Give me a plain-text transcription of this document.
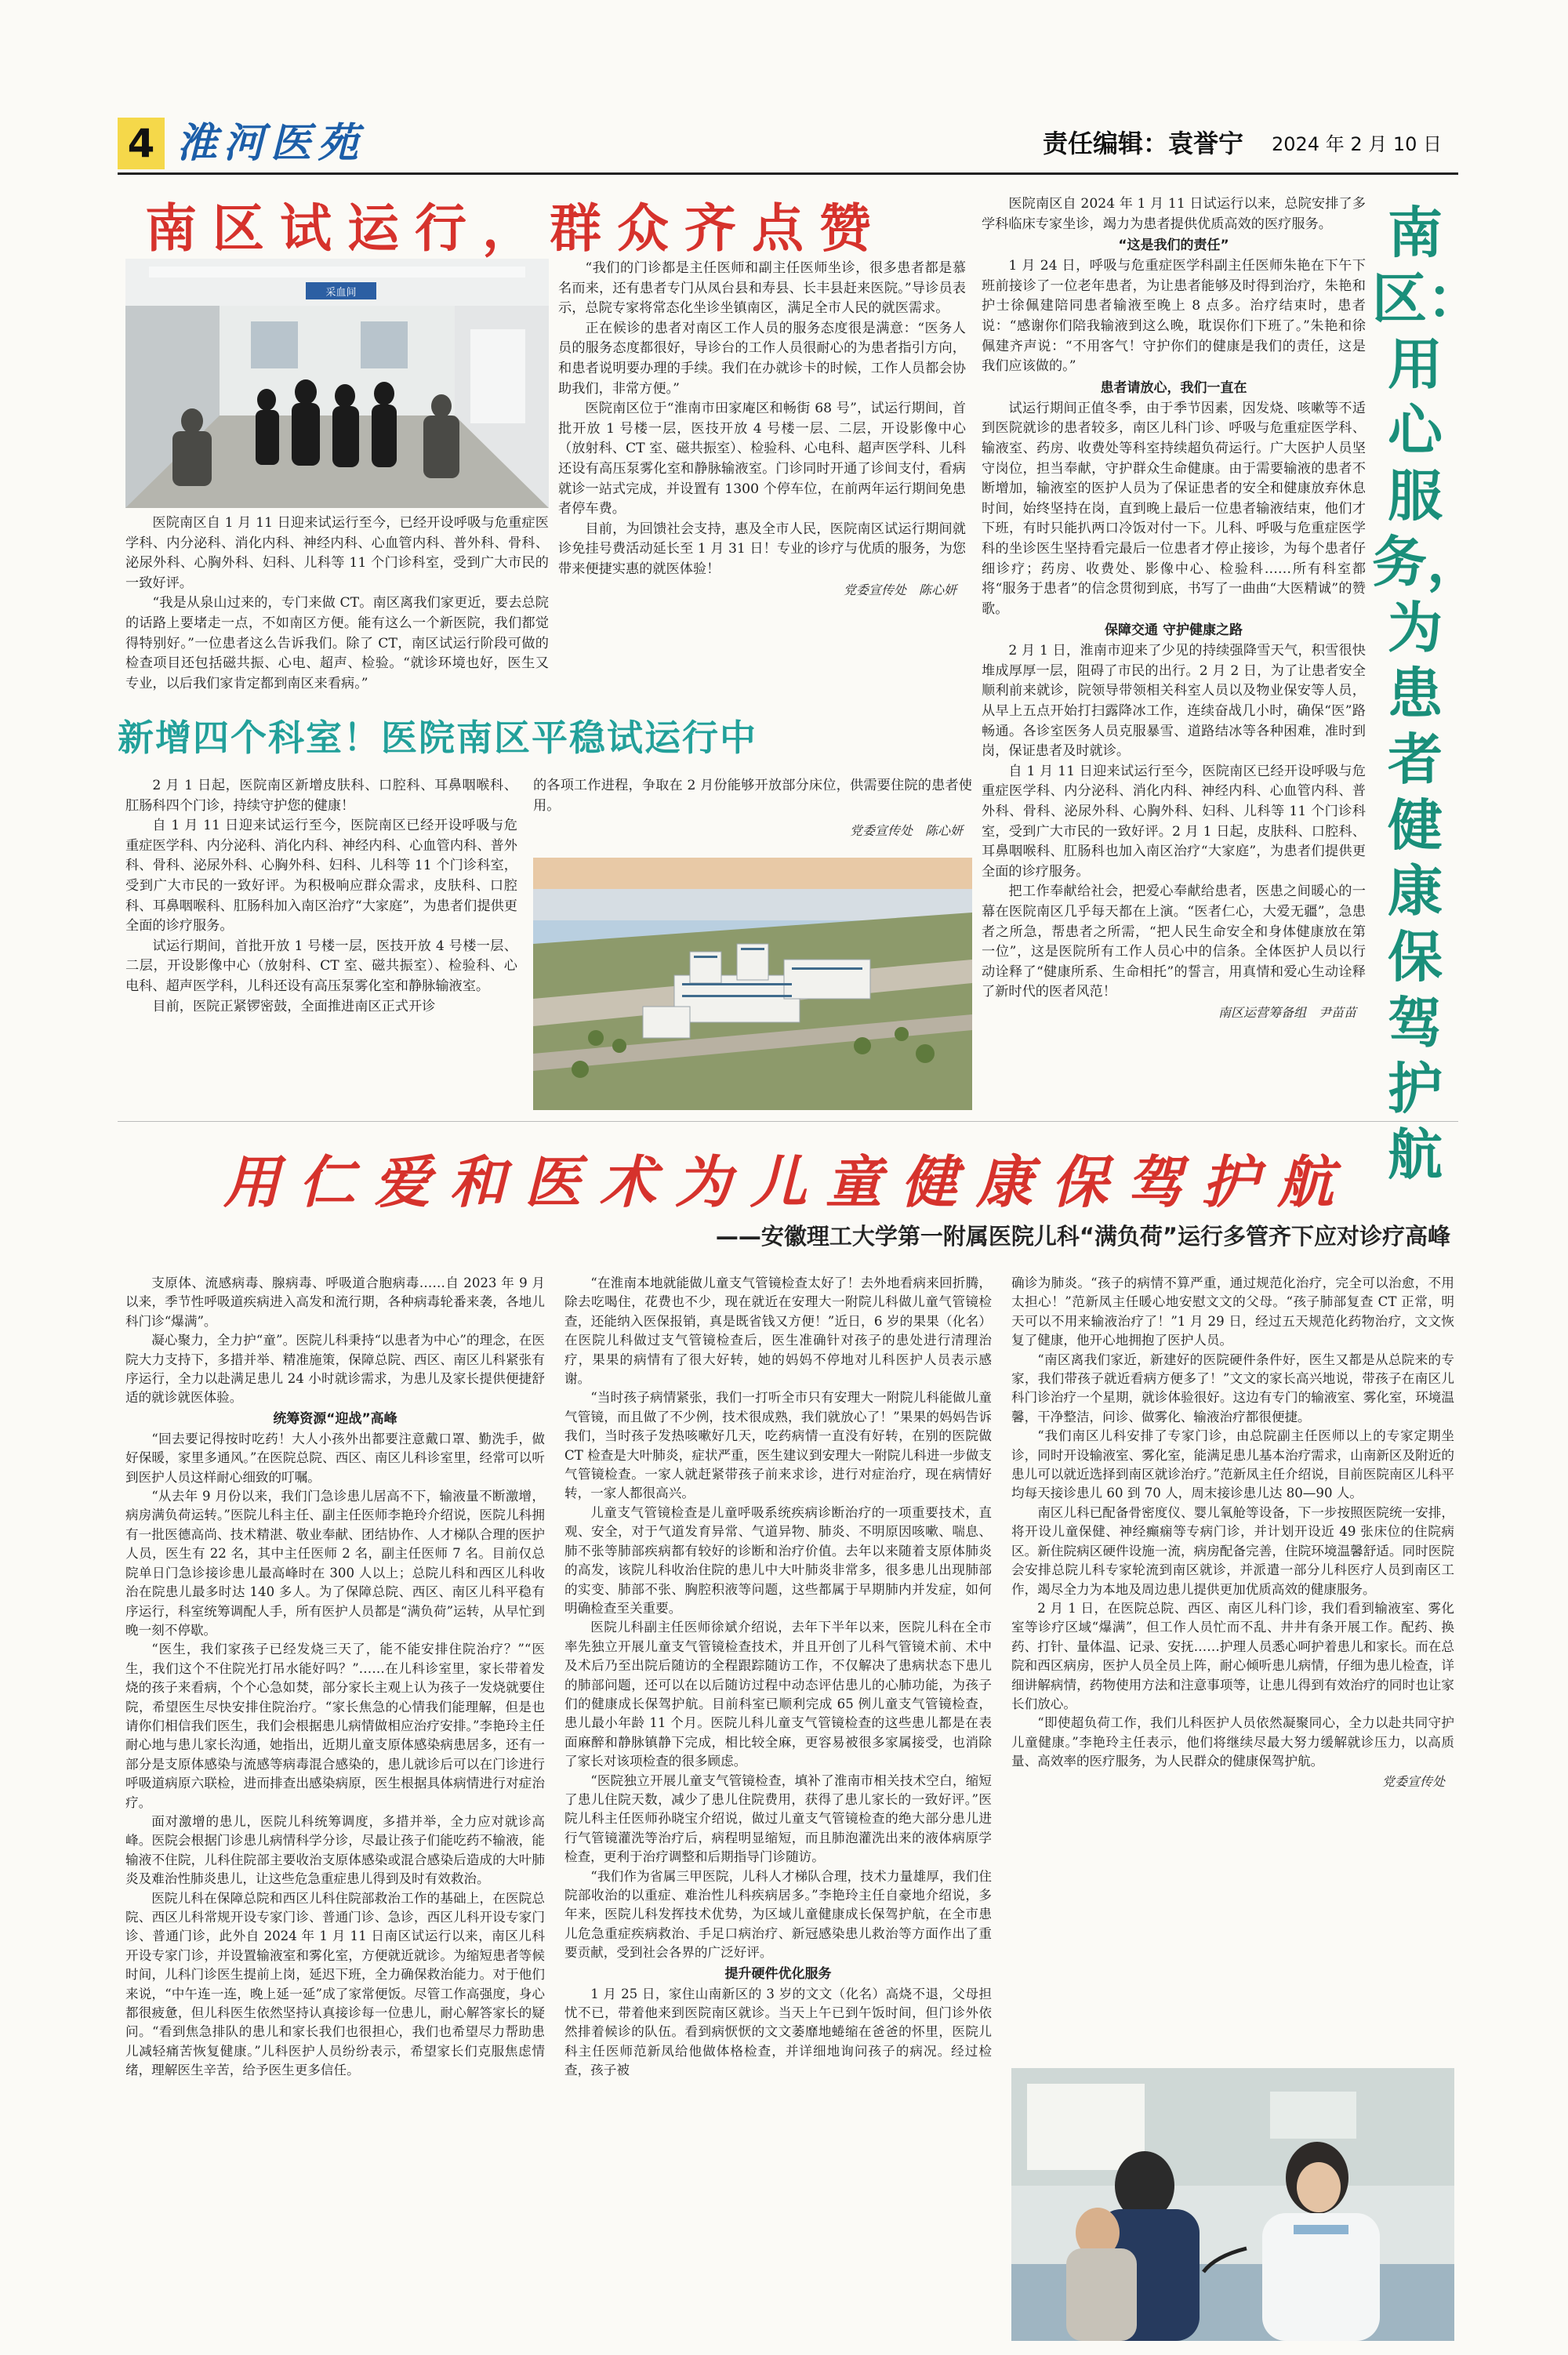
4 淮河医苑	责任编辑：袁誉宁 2024 年 2 月 10 日
南区试运行，群众齐点赞
采血间

医院南区自 1 月 11 日迎来试运行至今，已经开设呼吸与危重症医学科、内分泌科、消化内科、神经内科、心血管内科、普外科、骨科、泌尿外科、心胸外科、妇科、儿科等 11 个门诊科室，受到广大市民的一致好评。

“我是从泉山过来的，专门来做 CT。南区离我们家更近，要去总院的话路上要堵走一点，不如南区方便。能有这么一个新医院，我们都觉得特别好。”一位患者这么告诉我们。除了 CT，南区试运行阶段可做的检查项目还包括磁共振、心电、超声、检验。“就诊环境也好，医生又专业，以后我们家肯定都到南区来看病。”

“我们的门诊都是主任医师和副主任医师坐诊，很多患者都是慕名而来，还有患者专门从凤台县和寿县、长丰县赶来医院。”导诊员表示，总院专家将常态化坐诊坐镇南区，满足全市人民的就医需求。

正在候诊的患者对南区工作人员的服务态度很是满意：“医务人员的服务态度都很好，导诊台的工作人员很耐心的为患者指引方向，和患者说明要办理的手续。我们在办就诊卡的时候，工作人员都会协助我们，非常方便。”

医院南区位于“淮南市田家庵区和畅街 68 号”，试运行期间，首批开放 1 号楼一层，医技开放 4 号楼一层、二层，开设影像中心（放射科、CT 室、磁共振室）、检验科、心电科、超声医学科、儿科还设有高压泵雾化室和静脉输液室。门诊同时开通了诊间支付，看病就诊一站式完成，并设置有 1300 个停车位，在前两年运行期间免患者停车费。

目前，为回馈社会支持，惠及全市人民，医院南区试运行期间就诊免挂号费活动延长至 1 月 31 日！专业的诊疗与优质的服务，为您带来便捷实惠的就医体验！

党委宣传处　陈心妍
新增四个科室！医院南区平稳试运行中

2 月 1 日起，医院南区新增皮肤科、口腔科、耳鼻咽喉科、肛肠科四个门诊，持续守护您的健康！

自 1 月 11 日迎来试运行至今，医院南区已经开设呼吸与危重症医学科、内分泌科、消化内科、神经内科、心血管内科、普外科、骨科、泌尿外科、心胸外科、妇科、儿科等 11 个门诊科室，受到广大市民的一致好评。为积极响应群众需求，皮肤科、口腔科、耳鼻咽喉科、肛肠科加入南区治疗“大家庭”，为患者们提供更全面的诊疗服务。

试运行期间，首批开放 1 号楼一层，医技开放 4 号楼一层、二层，开设影像中心（放射科、CT 室、磁共振室）、检验科、心电科、超声医学科，儿科还设有高压泵雾化室和静脉输液室。

目前，医院正紧锣密鼓，全面推进南区正式开诊

的各项工作进程，争取在 2 月份能够开放部分床位，供需要住院的患者使用。

党委宣传处　陈心妍

医院南区自 2024 年 1 月 11 日试运行以来，总院安排了多学科临床专家坐诊，竭力为患者提供优质高效的医疗服务。

“这是我们的责任”

1 月 24 日，呼吸与危重症医学科副主任医师朱艳在下午下班前接诊了一位老年患者，为让患者能够及时得到治疗，朱艳和护士徐佩建陪同患者输液至晚上 8 点多。治疗结束时，患者说：“感谢你们陪我输液到这么晚，耽误你们下班了。”朱艳和徐佩建齐声说：“不用客气！守护你们的健康是我们的责任，这是我们应该做的。”

患者请放心，我们一直在

试运行期间正值冬季，由于季节因素，因发烧、咳嗽等不适到医院就诊的患者较多，南区儿科门诊、呼吸与危重症医学科、输液室、药房、收费处等科室持续超负荷运行。广大医护人员坚守岗位，担当奉献，守护群众生命健康。由于需要输液的患者不断增加，输液室的医护人员为了保证患者的安全和健康放弃休息时间，始终坚持在岗，直到晚上最后一位患者输液结束，他们才下班，有时只能扒两口冷饭对付一下。儿科、呼吸与危重症医学科的坐诊医生坚持看完最后一位患者才停止接诊，为每个患者仔细诊疗；药房、收费处、影像中心、检验科……所有科室都将“服务于患者”的信念贯彻到底，书写了一曲曲“大医精诚”的赞歌。

保障交通 守护健康之路

2 月 1 日，淮南市迎来了少见的持续强降雪天气，积雪很快堆成厚厚一层，阻碍了市民的出行。2 月 2 日，为了让患者安全顺利前来就诊，院领导带领相关科室人员以及物业保安等人员，从早上五点开始打扫露降冰工作，连续奋战几小时，确保“医”路畅通。各诊室医务人员克服暴雪、道路结冰等各种困难，准时到岗，保证患者及时就诊。

自 1 月 11 日迎来试运行至今，医院南区已经开设呼吸与危重症医学科、内分泌科、消化内科、神经内科、心血管内科、普外科、骨科、泌尿外科、心胸外科、妇科、儿科等 11 个门诊科室，受到广大市民的一致好评。2 月 1 日起，皮肤科、口腔科、耳鼻咽喉科、肛肠科也加入南区治疗“大家庭”，为患者们提供更全面的诊疗服务。

把工作奉献给社会，把爱心奉献给患者，医患之间暖心的一幕在医院南区几乎每天都在上演。“医者仁心，大爱无疆”，急患者之所急，帮患者之所需，“把人民生命安全和身体健康放在第一位”，这是医院所有工作人员心中的信条。全体医护人员以行动诠释了“健康所系、生命相托”的誓言，用真情和爱心生动诠释了新时代的医者风范！

南区运营筹备组　尹苗苗
南区：用心服务，为患者健康保驾护航
用仁爱和医术为儿童健康保驾护航
——安徽理工大学第一附属医院儿科“满负荷”运行多管齐下应对诊疗高峰

支原体、流感病毒、腺病毒、呼吸道合胞病毒……自 2023 年 9 月以来，季节性呼吸道疾病进入高发和流行期，各种病毒轮番来袭，各地儿科门诊“爆满”。

凝心聚力，全力护“童”。医院儿科秉持“以患者为中心”的理念，在医院大力支持下，多措并举、精准施策，保障总院、西区、南区儿科紧张有序运行，全力以赴满足患儿 24 小时就诊需求，为患儿及家长提供便捷舒适的就诊就医体验。

统筹资源“迎战”高峰

“回去要记得按时吃药！大人小孩外出都要注意戴口罩、勤洗手，做好保暖，家里多通风。”在医院总院、西区、南区儿科诊室里，经常可以听到医护人员这样耐心细致的叮嘱。

“从去年 9 月份以来，我们门急诊患儿居高不下，输液量不断激增，病房满负荷运转。”医院儿科主任、副主任医师李艳玲介绍说，医院儿科拥有一批医德高尚、技术精湛、敬业奉献、团结协作、人才梯队合理的医护人员，医生有 22 名，其中主任医师 2 名，副主任医师 7 名。目前仅总院单日门急诊接诊患儿最高峰时在 300 人以上；总院儿科和西区儿科收治在院患儿最多时达 140 多人。为了保障总院、西区、南区儿科平稳有序运行，科室统筹调配人手，所有医护人员都是“满负荷”运转，从早忙到晚一刻不停歇。

“医生，我们家孩子已经发烧三天了，能不能安排住院治疗？”“医生，我们这个不住院光打吊水能好吗？”……在儿科诊室里，家长带着发烧的孩子来看病，个个心急如焚，部分家长主观上认为孩子一发烧就要住院，希望医生尽快安排住院治疗。“家长焦急的心情我们能理解，但是也请你们相信我们医生，我们会根据患儿病情做相应治疗安排。”李艳玲主任耐心地与患儿家长沟通，她指出，近期儿童支原体感染病患居多，还有一部分是支原体感染与流感等病毒混合感染的，患儿就诊后可以在门诊进行呼吸道病原六联检，进而排查出感染病原，医生根据具体病情进行对症治疗。

面对激增的患儿，医院儿科统筹调度，多措并举，全力应对就诊高峰。医院会根据门诊患儿病情科学分诊，尽最让孩子们能吃药不输液，能输液不住院，儿科住院部主要收治支原体感染或混合感染后造成的大叶肺炎及难治性肺炎患儿，让这些危急重症患儿得到及时有效救治。

医院儿科在保障总院和西区儿科住院部救治工作的基础上，在医院总院、西区儿科常规开设专家门诊、普通门诊、急诊，西区儿科开设专家门诊、普通门诊，此外自 2024 年 1 月 11 日南区试运行以来，南区儿科开设专家门诊，并设置输液室和雾化室，方便就近就诊。为缩短患者等候时间，儿科门诊医生提前上岗，延迟下班，全力确保救治能力。对于他们来说，“中午连一连，晚上延一延”成了家常便饭。尽管工作高强度，身心都很疲惫，但儿科医生依然坚持认真接诊每一位患儿，耐心解答家长的疑问。“看到焦急排队的患儿和家长我们也很担心，我们也希望尽力帮助患儿减轻痛苦恢复健康。”儿科医护人员纷纷表示，希望家长们克服焦虑情绪，理解医生辛苦，给予医生更多信任。

“在淮南本地就能做儿童支气管镜检查太好了！去外地看病来回折腾，除去吃喝住，花费也不少，现在就近在安理大一附院儿科做儿童气管镜检查，还能纳入医保报销，真是既省钱又方便！”近日，6 岁的果果（化名）在医院儿科做过支气管镜检查后，医生准确针对孩子的患处进行清理治疗，果果的病情有了很大好转，她的妈妈不停地对儿科医护人员表示感谢。

“当时孩子病情紧张，我们一打听全市只有安理大一附院儿科能做儿童气管镜，而且做了不少例，技术很成熟，我们就放心了！”果果的妈妈告诉我们，当时孩子发热咳嗽好几天，吃药病情一直没有好转，在别的医院做 CT 检查是大叶肺炎，症状严重，医生建议到安理大一附院儿科进一步做支气管镜检查。一家人就赶紧带孩子前来求诊，进行对症治疗，现在病情好转，一家人都很高兴。

儿童支气管镜检查是儿童呼吸系统疾病诊断治疗的一项重要技术，直观、安全，对于气道发育异常、气道异物、肺炎、不明原因咳嗽、喘息、肺不张等肺部疾病都有较好的诊断和治疗价值。去年以来随着支原体肺炎的高发，该院儿科收治住院的患儿中大叶肺炎非常多，很多患儿出现肺部的实变、肺部不张、胸腔积液等问题，这些都属于早期肺内并发症，如何明确检查至关重要。

医院儿科副主任医师徐斌介绍说，去年下半年以来，医院儿科在全市率先独立开展儿童支气管镜检查技术，并且开创了儿科气管镜术前、术中及术后乃至出院后随访的全程跟踪随访工作，不仅解决了患病状态下患儿的肺部问题，还可以在以后随访过程中动态评估患儿的心肺功能，为孩子们的健康成长保驾护航。目前科室已顺利完成 65 例儿童支气管镜检查，患儿最小年龄 11 个月。医院儿科儿童支气管镜检查的这些患儿都是在表面麻醉和静脉镇静下完成，相比较全麻，更容易被很多家属接受，也消除了家长对该项检查的很多顾虑。

“医院独立开展儿童支气管镜检查，填补了淮南市相关技术空白，缩短了患儿住院天数，减少了患儿住院费用，获得了患儿家长的一致好评。”医院儿科主任医师孙晓宝介绍说，做过儿童支气管镜检查的绝大部分患儿进行气管镜灌洗等治疗后，病程明显缩短，而且肺泡灌洗出来的液体病原学检查，更利于治疗调整和后期指导门诊随访。

“我们作为省属三甲医院，儿科人才梯队合理，技术力量雄厚，我们住院部收治的以重症、难治性儿科疾病居多。”李艳玲主任自豪地介绍说，多年来，医院儿科发挥技术优势，为区域儿童健康成长保驾护航，在全市患儿危急重症疾病救治、手足口病治疗、新冠感染患儿救治等方面作出了重要贡献，受到社会各界的广泛好评。

提升硬件优化服务

1 月 25 日，家住山南新区的 3 岁的文文（化名）高烧不退，父母担忧不已，带着他来到医院南区就诊。当天上午已到午饭时间，但门诊外依然排着候诊的队伍。看到病恹恹的文文萎靡地蜷缩在爸爸的怀里，医院儿科主任医师范新凤给他做体格检查，并详细地询问孩子的病况。经过检查，孩子被

确诊为肺炎。“孩子的病情不算严重，通过规范化治疗，完全可以治愈，不用太担心！”范新凤主任暖心地安慰文文的父母。“孩子肺部复查 CT 正常，明天可以不用来输液治疗了！”1 月 29 日，经过五天规范化药物治疗，文文恢复了健康，他开心地拥抱了医护人员。

“南区离我们家近，新建好的医院硬件条件好，医生又都是从总院来的专家，我们带孩子就近看病方便多了！”文文的家长高兴地说，带孩子在南区儿科门诊治疗一个星期，就诊体验很好。这边有专门的输液室、雾化室，环境温馨，干净整洁，问诊、做雾化、输液治疗都很便捷。

“我们南区儿科安排了专家门诊，由总院副主任医师以上的专家定期坐诊，同时开设输液室、雾化室，能满足患儿基本治疗需求，山南新区及附近的患儿可以就近选择到南区就诊治疗。”范新凤主任介绍说，目前医院南区儿科平均每天接诊患儿 60 到 70 人，周末接诊患儿达 80—90 人。

南区儿科已配备骨密度仪、婴儿氧舱等设备，下一步按照医院统一安排，将开设儿童保健、神经癫痫等专病门诊，并计划开设近 49 张床位的住院病区。新住院病区硬件设施一流，病房配备完善，住院环境温馨舒适。同时医院会安排总院儿科专家轮流到南区就诊，并派遣一部分儿科医疗人员到南区工作，竭尽全力为本地及周边患儿提供更加优质高效的健康服务。

2 月 1 日，在医院总院、西区、南区儿科门诊，我们看到输液室、雾化室等诊疗区域“爆满”，但工作人员忙而不乱、井井有条开展工作。配药、换药、打针、量体温、记录、安抚……护理人员悉心呵护着患儿和家长。而在总院和西区病房，医护人员全员上阵，耐心倾听患儿病情，仔细为患儿检查，详细讲解病情，药物使用方法和注意事项等，让患儿得到有效治疗的同时也让家长们放心。

“即使超负荷工作，我们儿科医护人员依然凝聚同心，全力以赴共同守护儿童健康。”李艳玲主任表示，他们将继续尽最大努力缓解就诊压力，以高质量、高效率的医疗服务，为人民群众的健康保驾护航。

党委宣传处
